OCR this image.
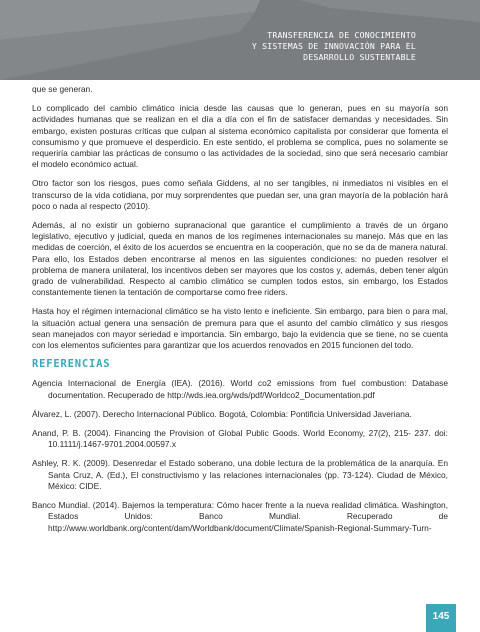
TRANSFERENCIA DE CONOCIMIENTO
Y SISTEMAS DE INNOVACIÓN PARA EL
DESARROLLO SUSTENTABLE

que se generan.

Lo complicado del cambio climático inicia desde las causas que lo generan, pues en su mayoría son actividades humanas que se realizan en el día a día con el fin de satisfacer demandas y necesidades. Sin embargo, existen posturas críticas que culpan al sistema económico capitalista por considerar que fomenta el consumismo y que promueve el desperdicio. En este sentido, el problema se complica, pues no solamente se requeriría cambiar las prácticas de consumo o las actividades de la sociedad, sino que será necesario cambiar el modelo económico actual.

Otro factor son los riesgos, pues como señala Giddens, al no ser tangibles, ni inmediatos ni visibles en el transcurso de la vida cotidiana, por muy sorprendentes que puedan ser, una gran mayoría de la población hará poco o nada al respecto (2010).

Además, al no existir un gobierno supranacional que garantice el cumplimiento a través de un órgano legislativo, ejecutivo y judicial, queda en manos de los regímenes internacionales su manejo. Más que en las medidas de coerción, el éxito de los acuerdos se encuentra en la cooperación, que no se da de manera natural. Para ello, los Estados deben encontrarse al menos en las siguientes condiciones: no pueden resolver el problema de manera unilateral, los incentivos deben ser mayores que los costos y, además, deben tener algún grado de vulnerabilidad. Respecto al cambio climático se cumplen todos estos, sin embargo, los Estados constantemente tienen la tentación de comportarse como free riders.

Hasta hoy el régimen internacional climático se ha visto lento e ineficiente. Sin embargo, para bien o para mal, la situación actual genera una sensación de premura para que el asunto del cambio climático y sus riesgos sean manejados con mayor seriedad e importancia. Sin embargo, bajo la evidencia que se tiene, no se cuenta con los elementos suficientes para garantizar que los acuerdos renovados en 2015 funcionen del todo.

REFERENCIAS

Agencia Internacional de Energía (IEA). (2016). World co2 emissions from fuel combustion: Database documentation. Recuperado de http://wds.iea.org/wds/pdf/Worldco2_Documentation.pdf

Álvarez, L. (2007). Derecho Internacional Público. Bogotá, Colombia: Pontificia Universidad Javeriana.

Anand, P. B. (2004). Financing the Provision of Global Public Goods. World Economy, 27(2), 215- 237. doi: 10.1111/j.1467-9701.2004.00597.x

Ashley, R. K. (2009). Desenredar el Estado soberano, una doble lectura de la problemática de la anarquía. En Santa Cruz, A. (Ed.), El constructivismo y las relaciones internacionales (pp. 73-124). Ciudad de México, México: CIDE.

Banco Mundial. (2014). Bajemos la temperatura: Cómo hacer frente a la nueva realidad climática. Washington, Estados Unidos: Banco Mundial. Recuperado de http://www.worldbank.org/content/dam/Worldbank/document/Climate/Spanish-Regional-Summary-Turn-

145
